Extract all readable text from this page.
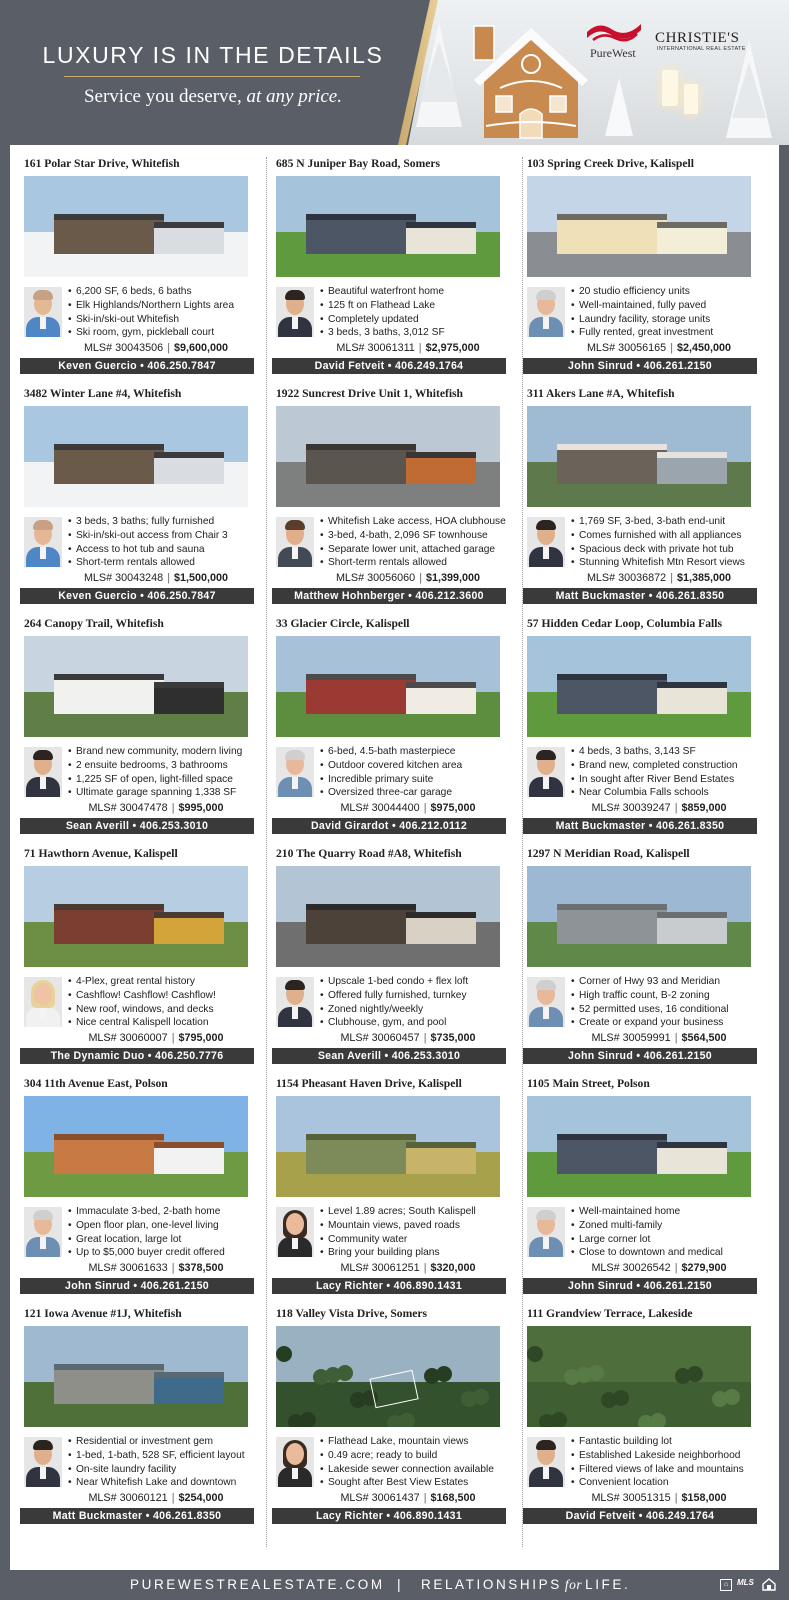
LUXURY IS IN THE DETAILS
Service you deserve, at any price.
PureWest
CHRISTIE'S
INTERNATIONAL REAL ESTATE
161 Polar Star Drive, Whitefish
• 6,200 SF, 6 beds, 6 baths
• Elk Highlands/Northern Lights area
• Ski-in/ski-out Whitefish
• Ski room, gym, pickleball court
MLS# 30043506 | $9,600,000
Keven Guercio • 406.250.7847
685 N Juniper Bay Road, Somers
• Beautiful waterfront home
• 125 ft on Flathead Lake
• Completely updated
• 3 beds, 3 baths, 3,012 SF
MLS# 30061311 | $2,975,000
David Fetveit • 406.249.1764
103 Spring Creek Drive, Kalispell
• 20 studio efficiency units
• Well-maintained, fully paved
• Laundry facility, storage units
• Fully rented, great investment
MLS# 30056165 | $2,450,000
John Sinrud • 406.261.2150
3482 Winter Lane #4, Whitefish
• 3 beds, 3 baths; fully furnished
• Ski-in/ski-out access from Chair 3
• Access to hot tub and sauna
• Short-term rentals allowed
MLS# 30043248 | $1,500,000
Keven Guercio • 406.250.7847
1922 Suncrest Drive Unit 1, Whitefish
• Whitefish Lake access, HOA clubhouse
• 3-bed, 4-bath, 2,096 SF townhouse
• Separate lower unit, attached garage
• Short-term rentals allowed
MLS# 30056060 | $1,399,000
Matthew Hohnberger • 406.212.3600
311 Akers Lane #A, Whitefish
• 1,769 SF, 3-bed, 3-bath end-unit
• Comes furnished with all appliances
• Spacious deck with private hot tub
• Stunning Whitefish Mtn Resort views
MLS# 30036872 | $1,385,000
Matt Buckmaster • 406.261.8350
264 Canopy Trail, Whitefish
• Brand new community, modern living
• 2 ensuite bedrooms, 3 bathrooms
• 1,225 SF of open, light-filled space
• Ultimate garage spanning 1,338 SF
MLS# 30047478 | $995,000
Sean Averill • 406.253.3010
33 Glacier Circle, Kalispell
• 6-bed, 4.5-bath masterpiece
• Outdoor covered kitchen area
• Incredible primary suite
• Oversized three-car garage
MLS# 30044400 | $975,000
David Girardot • 406.212.0112
57 Hidden Cedar Loop, Columbia Falls
• 4 beds, 3 baths, 3,143 SF
• Brand new, completed construction
• In sought after River Bend Estates
• Near Columbia Falls schools
MLS# 30039247 | $859,000
Matt Buckmaster • 406.261.8350
71 Hawthorn Avenue, Kalispell
• 4-Plex, great rental history
• Cashflow! Cashflow! Cashflow!
• New roof, windows, and decks
• Nice central Kalispell location
MLS# 30060007 | $795,000
The Dynamic Duo • 406.250.7776
210 The Quarry Road #A8, Whitefish
• Upscale 1-bed condo + flex loft
• Offered fully furnished, turnkey
• Zoned nightly/weekly
• Clubhouse, gym, and pool
MLS# 30060457 | $735,000
Sean Averill • 406.253.3010
1297 N Meridian Road, Kalispell
• Corner of Hwy 93 and Meridian
• High traffic count, B-2 zoning
• 52 permitted uses, 16 conditional
• Create or expand your business
MLS# 30059991 | $564,500
John Sinrud • 406.261.2150
304 11th Avenue East, Polson
• Immaculate 3-bed, 2-bath home
• Open floor plan, one-level living
• Great location, large lot
• Up to $5,000 buyer credit offered
MLS# 30061633 | $378,500
John Sinrud • 406.261.2150
1154 Pheasant Haven Drive, Kalispell
• Level 1.89 acres; South Kalispell
• Mountain views, paved roads
• Community water
• Bring your building plans
MLS# 30061251 | $320,000
Lacy Richter • 406.890.1431
1105 Main Street, Polson
• Well-maintained home
• Zoned multi-family
• Large corner lot
• Close to downtown and medical
MLS# 30026542 | $279,900
John Sinrud • 406.261.2150
121 Iowa Avenue #1J, Whitefish
• Residential or investment gem
• 1-bed, 1-bath, 528 SF, efficient layout
• On-site laundry facility
• Near Whitefish Lake and downtown
MLS# 30060121 | $254,000
Matt Buckmaster • 406.261.8350
118 Valley Vista Drive, Somers
• Flathead Lake, mountain views
• 0.49 acre; ready to build
• Lakeside sewer connection available
• Sought after Best View Estates
MLS# 30061437 | $168,500
Lacy Richter • 406.890.1431
111 Grandview Terrace, Lakeside
• Fantastic building lot
• Established Lakeside neighborhood
• Filtered views of lake and mountains
• Convenient location
MLS# 30051315 | $158,000
David Fetveit • 406.249.1764
PUREWESTREALESTATE.COM | RELATIONSHIPS for LIFE.	⌂	MLS
